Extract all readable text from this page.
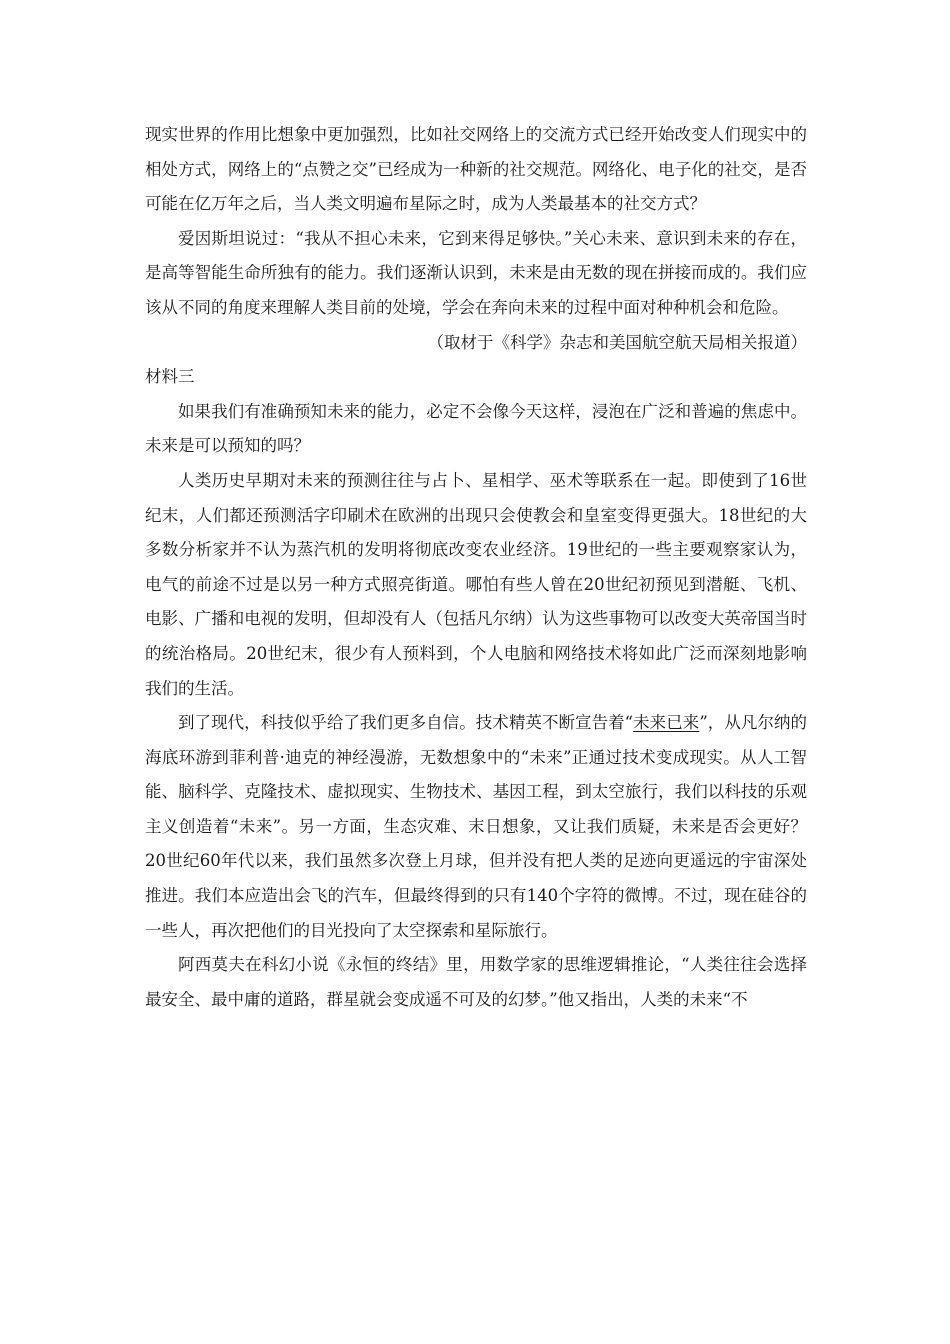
现实世界的作用比想象中更加强烈，比如社交网络上的交流方式已经开始改变人们现实中的相处方式，网络上的“点赞之交”已经成为一种新的社交规范。网络化、电子化的社交，是否可能在亿万年之后，当人类文明遍布星际之时，成为人类最基本的社交方式？

爱因斯坦说过：“我从不担心未来，它到来得足够快。”关心未来、意识到未来的存在，是高等智能生命所独有的能力。我们逐渐认识到，未来是由无数的现在拼接而成的。我们应该从不同的角度来理解人类目前的处境，学会在奔向未来的过程中面对种种机会和危险。

（取材于《科学》杂志和美国航空航天局相关报道）

材料三

如果我们有准确预知未来的能力，必定不会像今天这样，浸泡在广泛和普遍的焦虑中。未来是可以预知的吗？

人类历史早期对未来的预测往往与占卜、星相学、巫术等联系在一起。即使到了16世纪末，人们都还预测活字印刷术在欧洲的出现只会使教会和皇室变得更强大。18世纪的大多数分析家并不认为蒸汽机的发明将彻底改变农业经济。19世纪的一些主要观察家认为，电气的前途不过是以另一种方式照亮街道。哪怕有些人曾在20世纪初预见到潜艇、飞机、电影、广播和电视的发明，但却没有人（包括凡尔纳）认为这些事物可以改变大英帝国当时的统治格局。20世纪末，很少有人预料到，个人电脑和网络技术将如此广泛而深刻地影响我们的生活。

到了现代，科技似乎给了我们更多自信。技术精英不断宣告着“未来已来”，从凡尔纳的海底环游到菲利普·迪克的神经漫游，无数想象中的“未来”正通过技术变成现实。从人工智能、脑科学、克隆技术、虚拟现实、生物技术、基因工程，到太空旅行，我们以科技的乐观主义创造着“未来”。另一方面，生态灾难、末日想象，又让我们质疑，未来是否会更好？20世纪60年代以来，我们虽然多次登上月球，但并没有把人类的足迹向更遥远的宇宙深处推进。我们本应造出会飞的汽车，但最终得到的只有140个字符的微博。不过，现在硅谷的一些人，再次把他们的目光投向了太空探索和星际旅行。

阿西莫夫在科幻小说《永恒的终结》里，用数学家的思维逻辑推论，“人类往往会选择最安全、最中庸的道路，群星就会变成遥不可及的幻梦。”他又指出，人类的未来“不
